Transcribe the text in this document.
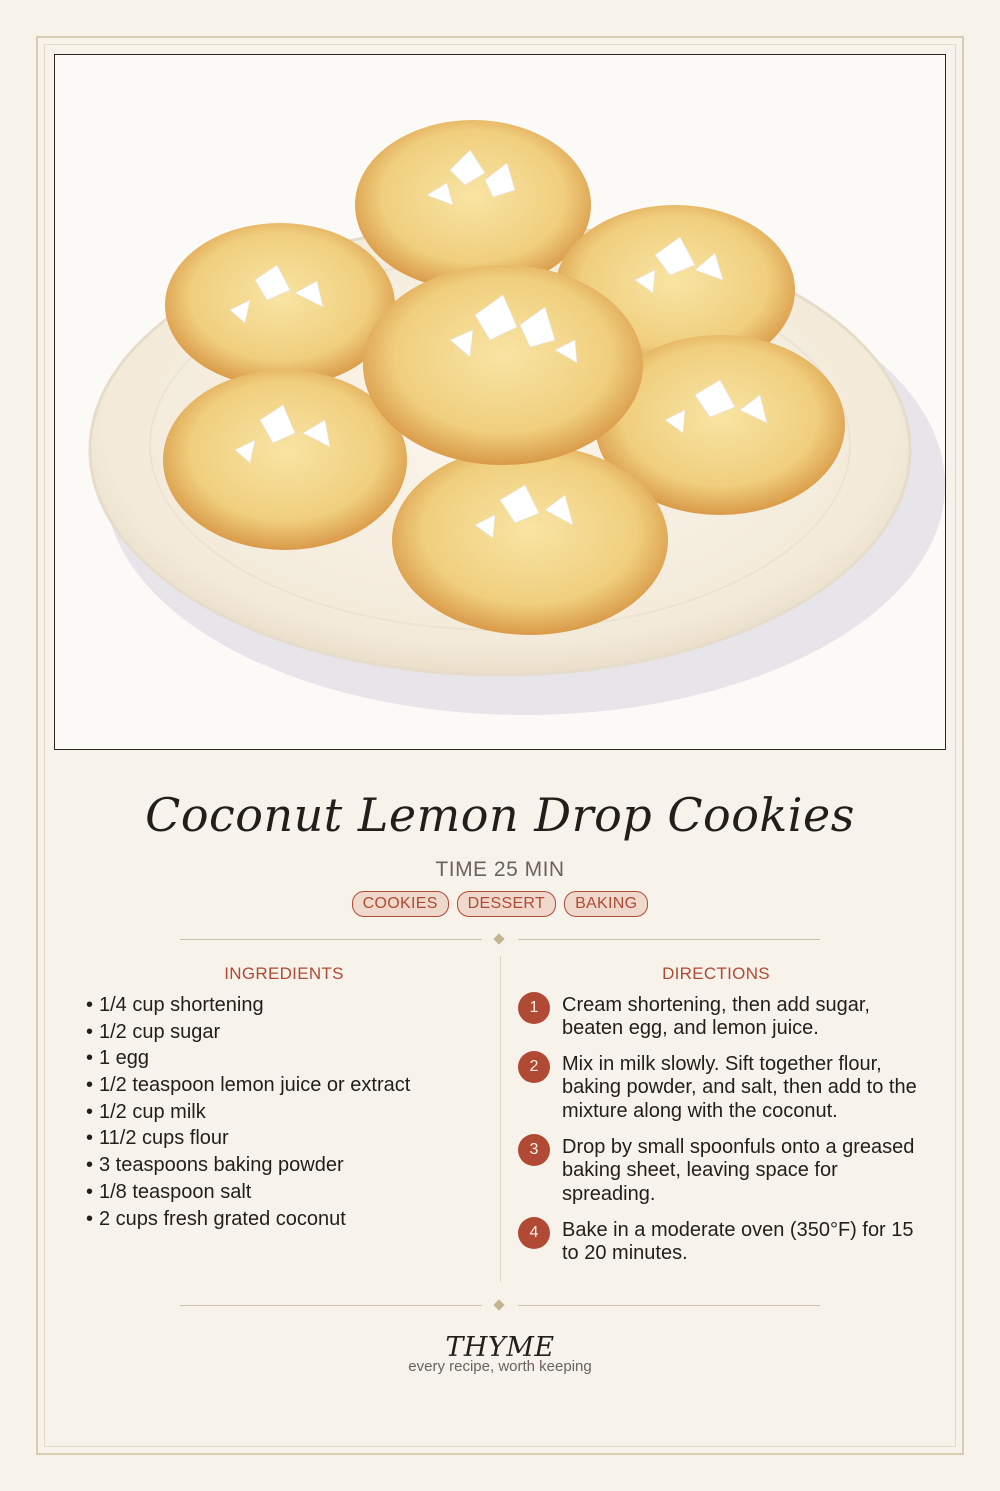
Coconut Lemon Drop Cookies
TIME 25 MIN
COOKIES	DESSERT	BAKING
INGREDIENTS
• 1/4 cup shortening
• 1/2 cup sugar
• 1 egg
• 1/2 teaspoon lemon juice or extract
• 1/2 cup milk
• 11/2 cups flour
• 3 teaspoons baking powder
• 1/8 teaspoon salt
• 2 cups fresh grated coconut
DIRECTIONS
1	Cream shortening, then add sugar, beaten egg, and lemon juice.
2	Mix in milk slowly. Sift together flour, baking powder, and salt, then add to the mixture along with the coconut.
3	Drop by small spoonfuls onto a greased baking sheet, leaving space for spreading.
4	Bake in a moderate oven (350°F) for 15 to 20 minutes.
THYME
every recipe, worth keeping
